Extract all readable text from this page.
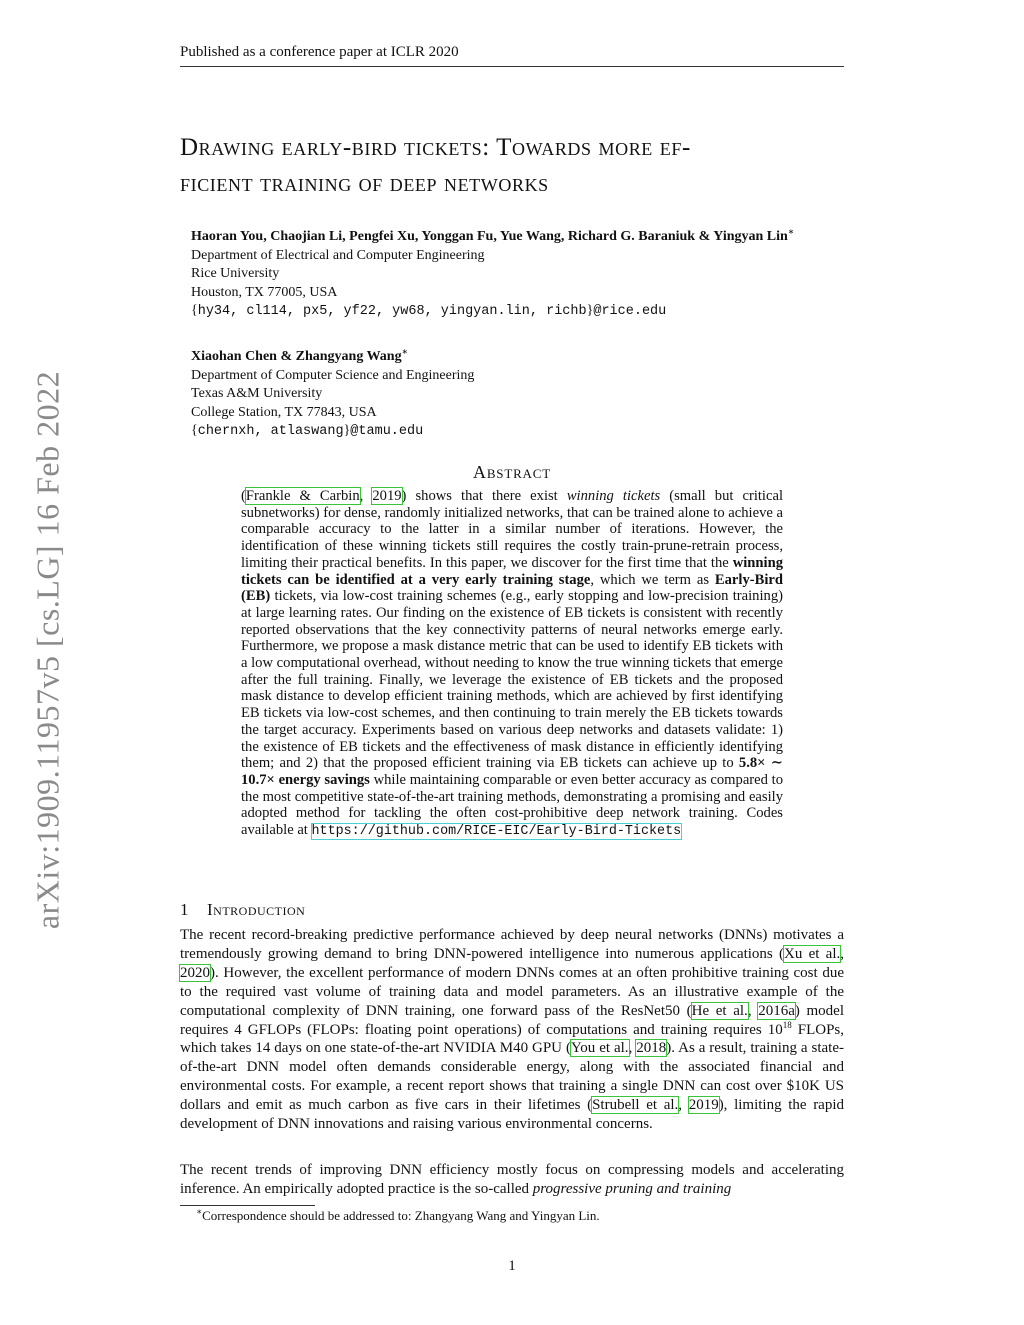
Published as a conference paper at ICLR 2020
arXiv:1909.11957v5 [cs.LG] 16 Feb 2022
Drawing early-bird tickets: Towards more ef-
ficient training of deep networks
Haoran You, Chaojian Li, Pengfei Xu, Yonggan Fu, Yue Wang, Richard G. Baraniuk & Yingyan Lin∗
Department of Electrical and Computer Engineering
Rice University
Houston, TX 77005, USA
{hy34, cl114, px5, yf22, yw68, yingyan.lin, richb}@rice.edu
Xiaohan Chen & Zhangyang Wang∗
Department of Computer Science and Engineering
Texas A&M University
College Station, TX 77843, USA
{chernxh, atlaswang}@tamu.edu
Abstract
(Frankle & Carbin, 2019) shows that there exist winning tickets (small but critical subnetworks) for dense, randomly initialized networks, that can be trained alone to achieve a comparable accuracy to the latter in a similar number of iterations. However, the identification of these winning tickets still requires the costly train-prune-retrain process, limiting their practical benefits. In this paper, we discover for the first time that the winning tickets can be identified at a very early training stage, which we term as Early-Bird (EB) tickets, via low-cost training schemes (e.g., early stopping and low-precision training) at large learning rates. Our finding on the existence of EB tickets is consistent with recently reported observations that the key connectivity patterns of neural networks emerge early. Furthermore, we propose a mask distance metric that can be used to identify EB tickets with a low computational overhead, without needing to know the true winning tickets that emerge after the full training. Finally, we leverage the existence of EB tickets and the proposed mask distance to develop efficient training methods, which are achieved by first identifying EB tickets via low-cost schemes, and then continuing to train merely the EB tickets towards the target accuracy. Experiments based on various deep networks and datasets validate: 1) the existence of EB tickets and the effectiveness of mask distance in efficiently identifying them; and 2) that the proposed efficient training via EB tickets can achieve up to 5.8× ∼ 10.7× energy savings while maintaining comparable or even better accuracy as compared to the most competitive state-of-the-art training methods, demonstrating a promising and easily adopted method for tackling the often cost-prohibitive deep network training. Codes available at https://github.com/RICE-EIC/Early-Bird-Tickets
1 Introduction
The recent record-breaking predictive performance achieved by deep neural networks (DNNs) motivates a tremendously growing demand to bring DNN-powered intelligence into numerous applications (Xu et al., 2020). However, the excellent performance of modern DNNs comes at an often prohibitive training cost due to the required vast volume of training data and model parameters. As an illustrative example of the computational complexity of DNN training, one forward pass of the ResNet50 (He et al., 2016a) model requires 4 GFLOPs (FLOPs: floating point operations) of computations and training requires $10^{18}$ FLOPs, which takes 14 days on one state-of-the-art NVIDIA M40 GPU (You et al., 2018). As a result, training a state-of-the-art DNN model often demands considerable energy, along with the associated financial and environmental costs. For example, a recent report shows that training a single DNN can cost over $10K US dollars and emit as much carbon as five cars in their lifetimes (Strubell et al., 2019), limiting the rapid development of DNN innovations and raising various environmental concerns.
The recent trends of improving DNN efficiency mostly focus on compressing models and accelerating inference. An empirically adopted practice is the so-called progressive pruning and training
∗Correspondence should be addressed to: Zhangyang Wang and Yingyan Lin.
1
